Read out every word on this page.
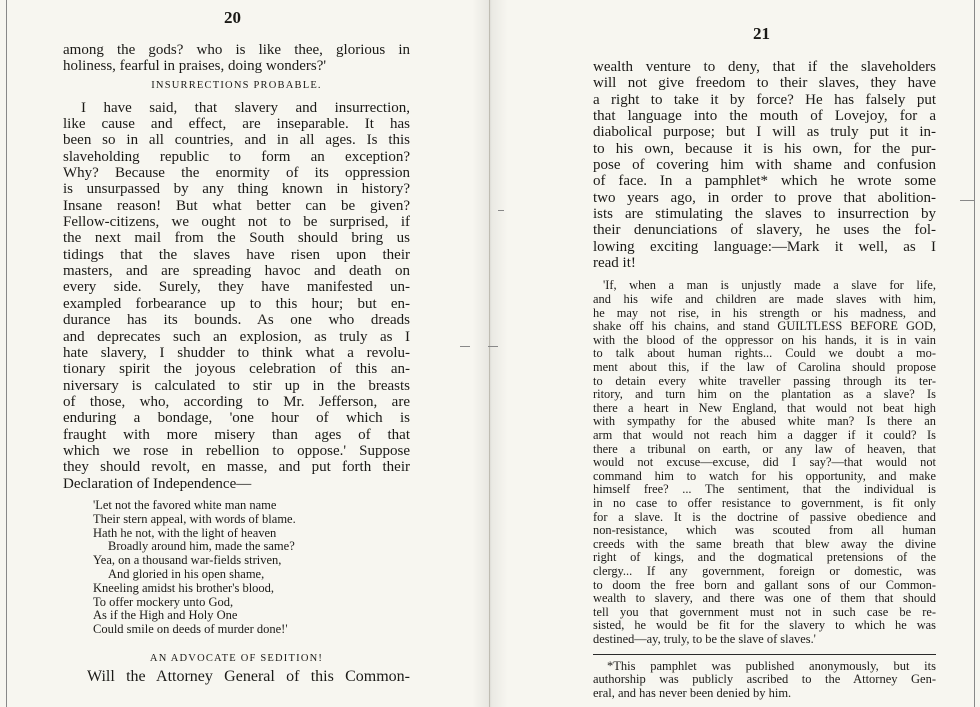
20
among the gods? who is like thee, glorious in
holiness, fearful in praises, doing wonders?'
INSURRECTIONS PROBABLE.
I have said, that slavery and insurrection,
like cause and effect, are inseparable. It has
been so in all countries, and in all ages. Is this
slaveholding republic to form an exception?
Why? Because the enormity of its oppression
is unsurpassed by any thing known in history?
Insane reason! But what better can be given?
Fellow-citizens, we ought not to be surprised, if
the next mail from the South should bring us
tidings that the slaves have risen upon their
masters, and are spreading havoc and death on
every side. Surely, they have manifested un-
exampled forbearance up to this hour; but en-
durance has its bounds. As one who dreads
and deprecates such an explosion, as truly as I
hate slavery, I shudder to think what a revolu-
tionary spirit the joyous celebration of this an-
niversary is calculated to stir up in the breasts
of those, who, according to Mr. Jefferson, are
enduring a bondage, 'one hour of which is
fraught with more misery than ages of that
which we rose in rebellion to oppose.' Suppose
they should revolt, en masse, and put forth their
Declaration of Independence—
'Let not the favored white man name
Their stern appeal, with words of blame.
Hath he not, with the light of heaven
Broadly around him, made the same?
Yea, on a thousand war-fields striven,
And gloried in his open shame,
Kneeling amidst his brother's blood,
To offer mockery unto God,
As if the High and Holy One
Could smile on deeds of murder done!'
AN ADVOCATE OF SEDITION!
Will the Attorney General of this Common-
21
wealth venture to deny, that if the slaveholders
will not give freedom to their slaves, they have
a right to take it by force? He has falsely put
that language into the mouth of Lovejoy, for a
diabolical purpose; but I will as truly put it in-
to his own, because it is his own, for the pur-
pose of covering him with shame and confusion
of face. In a pamphlet* which he wrote some
two years ago, in order to prove that abolition-
ists are stimulating the slaves to insurrection by
their denunciations of slavery, he uses the fol-
lowing exciting language:—Mark it well, as I
read it!
'If, when a man is unjustly made a slave for life,
and his wife and children are made slaves with him,
he may not rise, in his strength or his madness, and
shake off his chains, and stand GUILTLESS BEFORE GOD,
with the blood of the oppressor on his hands, it is in vain
to talk about human rights... Could we doubt a mo-
ment about this, if the law of Carolina should propose
to detain every white traveller passing through its ter-
ritory, and turn him on the plantation as a slave? Is
there a heart in New England, that would not beat high
with sympathy for the abused white man? Is there an
arm that would not reach him a dagger if it could? Is
there a tribunal on earth, or any law of heaven, that
would not excuse—excuse, did I say?—that would not
command him to watch for his opportunity, and make
himself free? ... The sentiment, that the individual is
in no case to offer resistance to government, is fit only
for a slave. It is the doctrine of passive obedience and
non-resistance, which was scouted from all human
creeds with the same breath that blew away the divine
right of kings, and the dogmatical pretensions of the
clergy... If any government, foreign or domestic, was
to doom the free born and gallant sons of our Common-
wealth to slavery, and there was one of them that should
tell you that government must not in such case be re-
sisted, he would be fit for the slavery to which he was
destined—ay, truly, to be the slave of slaves.'
*This pamphlet was published anonymously, but its
authorship was publicly ascribed to the Attorney Gen-
eral, and has never been denied by him.
